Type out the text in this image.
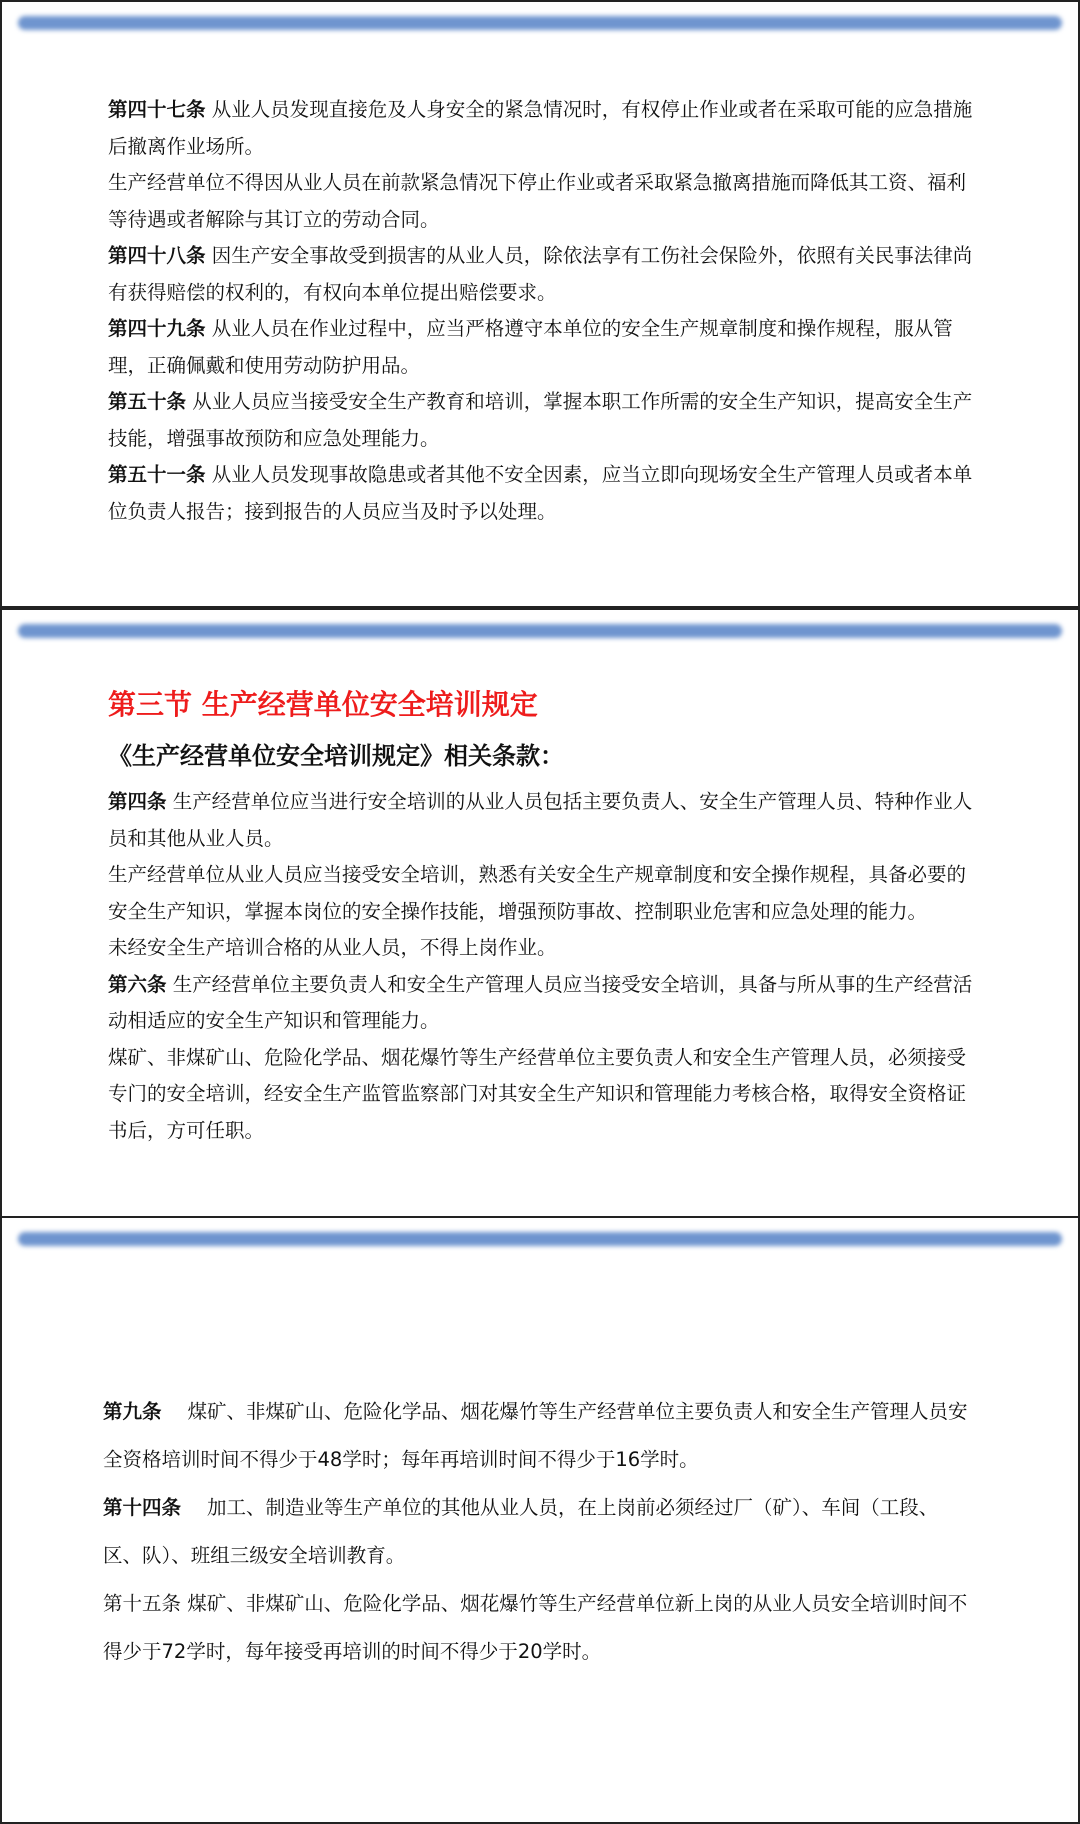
第四十七条 从业人员发现直接危及人身安全的紧急情况时，有权停止作业或者在采取可能的应急措施后撤离作业场所。

生产经营单位不得因从业人员在前款紧急情况下停止作业或者采取紧急撤离措施而降低其工资、福利等待遇或者解除与其订立的劳动合同。

第四十八条 因生产安全事故受到损害的从业人员，除依法享有工伤社会保险外，依照有关民事法律尚有获得赔偿的权利的，有权向本单位提出赔偿要求。

第四十九条 从业人员在作业过程中，应当严格遵守本单位的安全生产规章制度和操作规程，服从管理，正确佩戴和使用劳动防护用品。

第五十条 从业人员应当接受安全生产教育和培训，掌握本职工作所需的安全生产知识，提高安全生产技能，增强事故预防和应急处理能力。

第五十一条 从业人员发现事故隐患或者其他不安全因素，应当立即向现场安全生产管理人员或者本单位负责人报告；接到报告的人员应当及时予以处理。

第三节 生产经营单位安全培训规定
《生产经营单位安全培训规定》相关条款：

第四条 生产经营单位应当进行安全培训的从业人员包括主要负责人、安全生产管理人员、特种作业人员和其他从业人员。

生产经营单位从业人员应当接受安全培训，熟悉有关安全生产规章制度和安全操作规程，具备必要的安全生产知识，掌握本岗位的安全操作技能，增强预防事故、控制职业危害和应急处理的能力。

未经安全生产培训合格的从业人员，不得上岗作业。

第六条 生产经营单位主要负责人和安全生产管理人员应当接受安全培训，具备与所从事的生产经营活动相适应的安全生产知识和管理能力。

煤矿、非煤矿山、危险化学品、烟花爆竹等生产经营单位主要负责人和安全生产管理人员，必须接受专门的安全培训，经安全生产监管监察部门对其安全生产知识和管理能力考核合格，取得安全资格证书后，方可任职。

第九条 煤矿、非煤矿山、危险化学品、烟花爆竹等生产经营单位主要负责人和安全生产管理人员安全资格培训时间不得少于48学时；每年再培训时间不得少于16学时。

第十四条 加工、制造业等生产单位的其他从业人员，在上岗前必须经过厂（矿）、车间（工段、区、队）、班组三级安全培训教育。

第十五条 煤矿、非煤矿山、危险化学品、烟花爆竹等生产经营单位新上岗的从业人员安全培训时间不得少于72学时，每年接受再培训的时间不得少于20学时。
